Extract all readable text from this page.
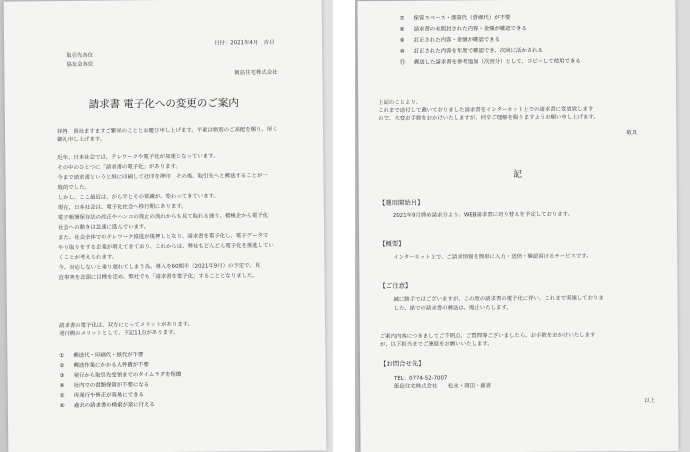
日付：2021年4月　吉日
取引先各位
協友会各位
飯島住宅株式会社
請求書 電子化への変更のご案内
拝啓　貴社ますますご繁栄のこととお慶び申し上げます。平素は格別のご高配を賜り、厚く
御礼申し上げます。
近年、日本社会では、テレワークや電子化が加速となっています。
その中のひとつに「請求書の電子化」があります。
今まで請求書というと紙に印刷して社印を押印　その後、取引先へと郵送することが一
般的でした。
しかし、ここ最近は、がら半とその常識が、変わってきています。
現在、日本社会は、電子化社会へ移行期にあります。
電子帳簿保存法の改正やハンコの廃止の流れからも見て取れる通り、積極企から電子化
社会への動きは急速に進んでいます。
また、社会全体でのテレワーク推進が後押しとなり、請求書を電子化し、電子データで
やり取りをする企業が増えてきており、これからは、弊社もどんどん電子化を推進してい
くことが考えられます。
今、対応しないと乗り遅れてしまう為、導入を60期半（2021年9月）の予定で、見
直事実を念頭に目標を定め、弊社でも「請求書を電子化」することとなりました。
請求書の電子化は、双方にとってメリットがあります。
発行側のメリットとして、下記11点があります。
① 郵送代・印刷代・紙代が不要
② 郵送作業にかかる人件費が不要
③ 発行から取引先受領までのタイムラグを短縮
④ 社内での書類保管が不要になる
⑤ 再発行や修正が容易にできる
⑥ 過去の請求書の検索が楽に行える
⑦ 保管スペース・保管代（倉庫代）が不要
⑧ 請求書の未開封された内容・金額が確認できる
⑨ 訂正された内容・金額が確認できる
⑩ 訂正された内容を年度で確認でき、次回に活かされる
⑪ 郵送した請求書を参考追加（次回分）として、コピーして使用できる
上記のことより、
これまで送付して戴いておりました請求書をインターネット上での請求書に変更致します
ので、大変お手数をおかけいたしますが、何卒ご理解を賜りますようお願い申し上げます。
敬具
記
【運用開始月】
2021年9月締め請求分より、WEB請求書に切り替えを予定しております。
【概要】
インターネット上で、ご請求情報を簡単に入力・送信・確認頂けるサービスです。
【ご注意】
誠に勝手ではございますが、この度の請求書の電子化に伴い、これまで実施しておりま
した、紙での請求書の郵送は、廃止いたします。
ご案内内容につきましてご不明点、ご質問等ございましたら、お手数をおかけいたします
が、以下担当までご連絡をお願いいたします。
【お問合せ先】
TEL：0774-52-7007
飯島住宅株式会社　　松永・岡田・藤香
以上
